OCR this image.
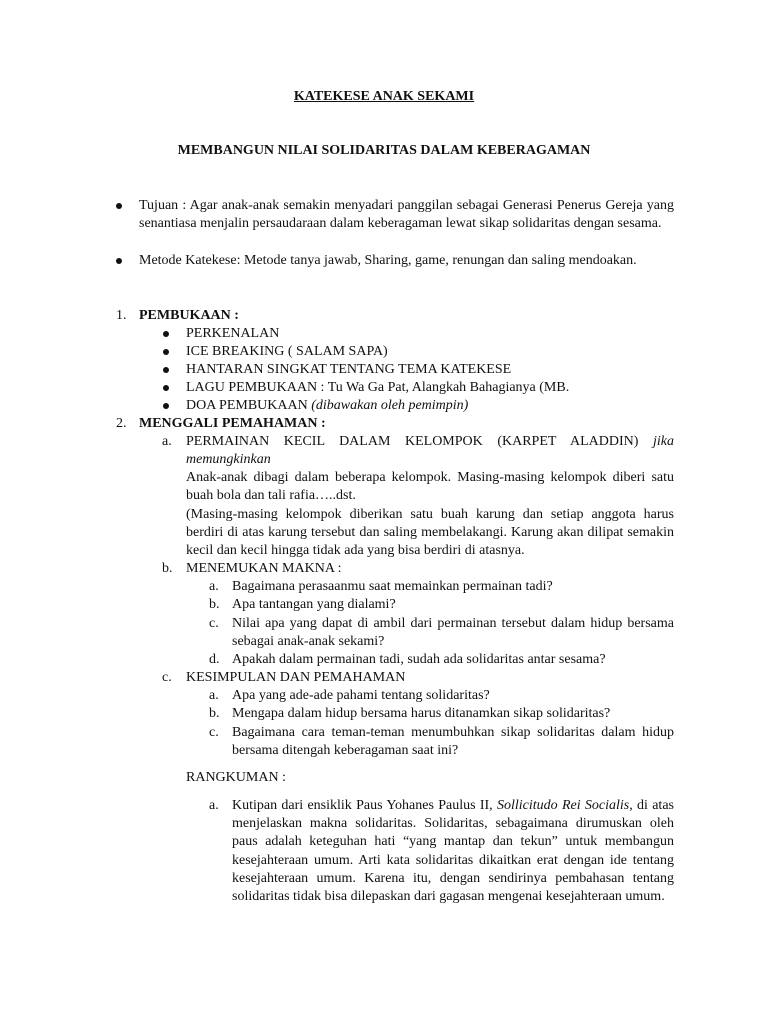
KATEKESE ANAK SEKAMI
MEMBANGUN NILAI SOLIDARITAS DALAM KEBERAGAMAN

Tujuan : Agar anak-anak semakin menyadari panggilan sebagai Generasi Penerus Gereja yang senantiasa menjalin persaudaraan dalam keberagaman lewat sikap solidaritas dengan sesama.

Metode Katekese: Metode tanya jawab, Sharing, game, renungan dan saling mendoakan.

1. PEMBUKAAN :
PERKENALAN
ICE BREAKING ( SALAM SAPA)
HANTARAN SINGKAT TENTANG TEMA KATEKESE
LAGU PEMBUKAAN : Tu Wa Ga Pat, Alangkah Bahagianya (MB.
DOA PEMBUKAAN (dibawakan oleh pemimpin)
2. MENGGALI PEMAHAMAN :
a. PERMAINAN KECIL DALAM KELOMPOK (KARPET ALADDIN) jika memungkinkan

Anak-anak dibagi dalam beberapa kelompok. Masing-masing kelompok diberi satu buah bola dan tali rafia…..dst.

(Masing-masing kelompok diberikan satu buah karung dan setiap anggota harus berdiri di atas karung tersebut dan saling membelakangi. Karung akan dilipat semakin kecil dan kecil hingga tidak ada yang bisa berdiri di atasnya.

b. MENEMUKAN MAKNA :
a. Bagaimana perasaanmu saat memainkan permainan tadi?
b. Apa tantangan yang dialami?
c. Nilai apa yang dapat di ambil dari permainan tersebut dalam hidup bersama sebagai anak-anak sekami?

d. Apakah dalam permainan tadi, sudah ada solidaritas antar sesama?
c. KESIMPULAN DAN PEMAHAMAN
a. Apa yang ade-ade pahami tentang solidaritas?
b. Mengapa dalam hidup bersama harus ditanamkan sikap solidaritas?
c. Bagaimana cara teman-teman menumbuhkan sikap solidaritas dalam hidup bersama ditengah keberagaman saat ini?

RANGKUMAN :
a. Kutipan dari ensiklik Paus Yohanes Paulus II, Sollicitudo Rei Socialis, di atas menjelaskan makna solidaritas. Solidaritas, sebagaimana dirumuskan oleh paus adalah keteguhan hati “yang mantap dan tekun” untuk membangun kesejahteraan umum. Arti kata solidaritas dikaitkan erat dengan ide tentang kesejahteraan umum. Karena itu, dengan sendirinya pembahasan tentang solidaritas tidak bisa dilepaskan dari gagasan mengenai kesejahteraan umum.
